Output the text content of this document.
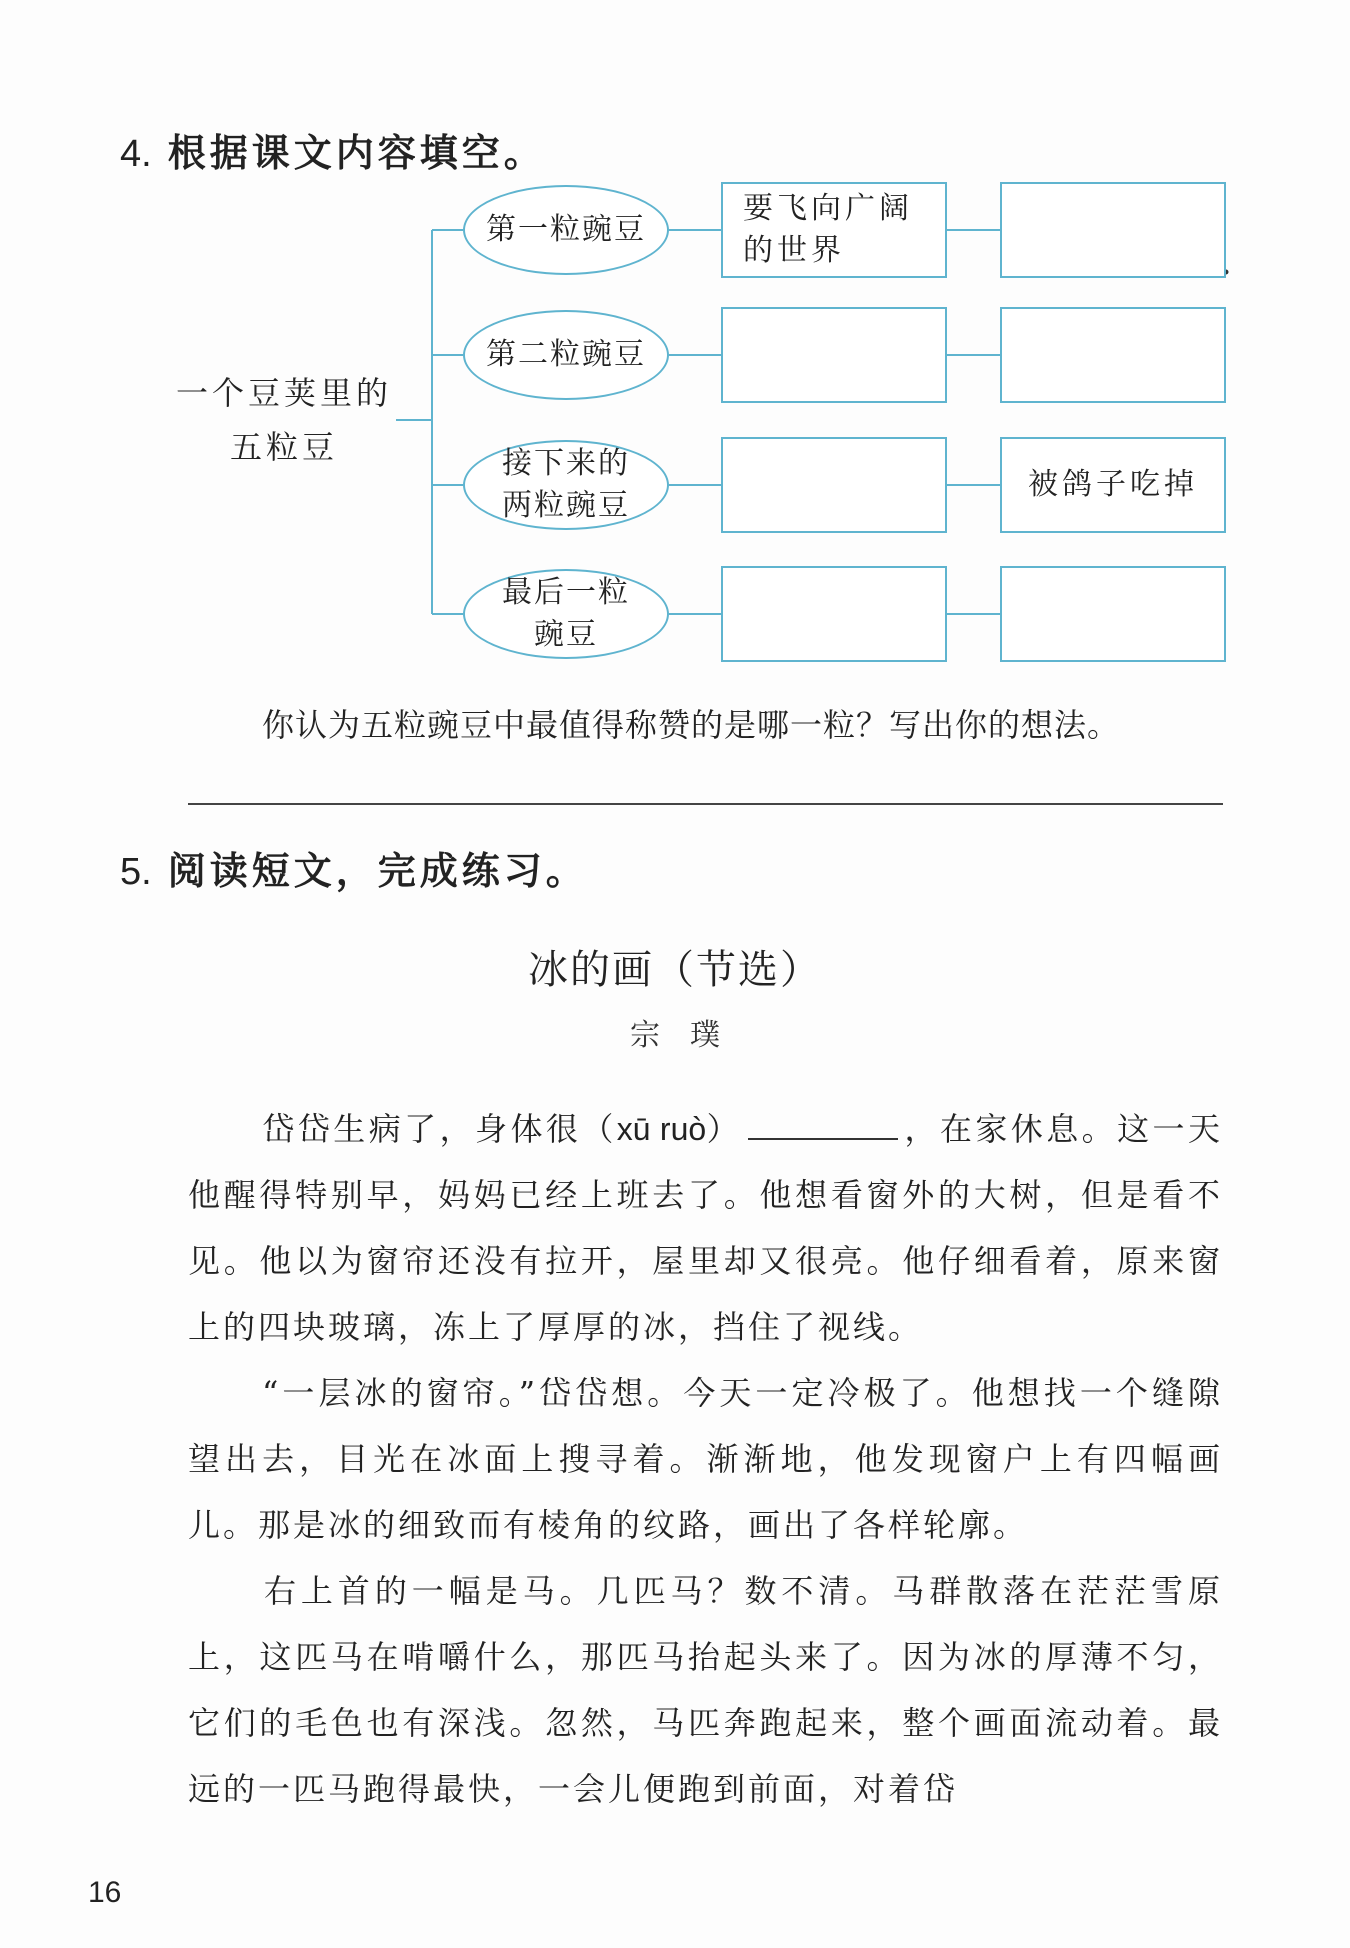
4. 根据课文内容填空。
一个豆荚里的
五粒豆
第一粒豌豆
要飞向广阔的世界
第二粒豌豆
接下来的两粒豌豆
被鸽子吃掉
最后一粒豌豆
你认为五粒豌豆中最值得称赞的是哪一粒？写出你的想法。
5. 阅读短文，完成练习。
冰的画（节选）
宗璞
岱岱生病了，身体很（xū ruò）	，在家休息。这一天他醒得特别早，妈妈已经上班去了。他想看窗外的大树，但是看不见。他以为窗帘还没有拉开，屋里却又很亮。他仔细看着，原来窗上的四块玻璃，冻上了厚厚的冰，挡住了视线。
“一层冰的窗帘。”岱岱想。今天一定冷极了。他想找一个缝隙望出去，目光在冰面上搜寻着。渐渐地，他发现窗户上有四幅画儿。那是冰的细致而有棱角的纹路，画出了各样轮廓。
右上首的一幅是马。几匹马？数不清。马群散落在茫茫雪原上，这匹马在啃嚼什么，那匹马抬起头来了。因为冰的厚薄不匀，它们的毛色也有深浅。忽然，马匹奔跑起来，整个画面流动着。最远的一匹马跑得最快，一会儿便跑到前面，对着岱
16
